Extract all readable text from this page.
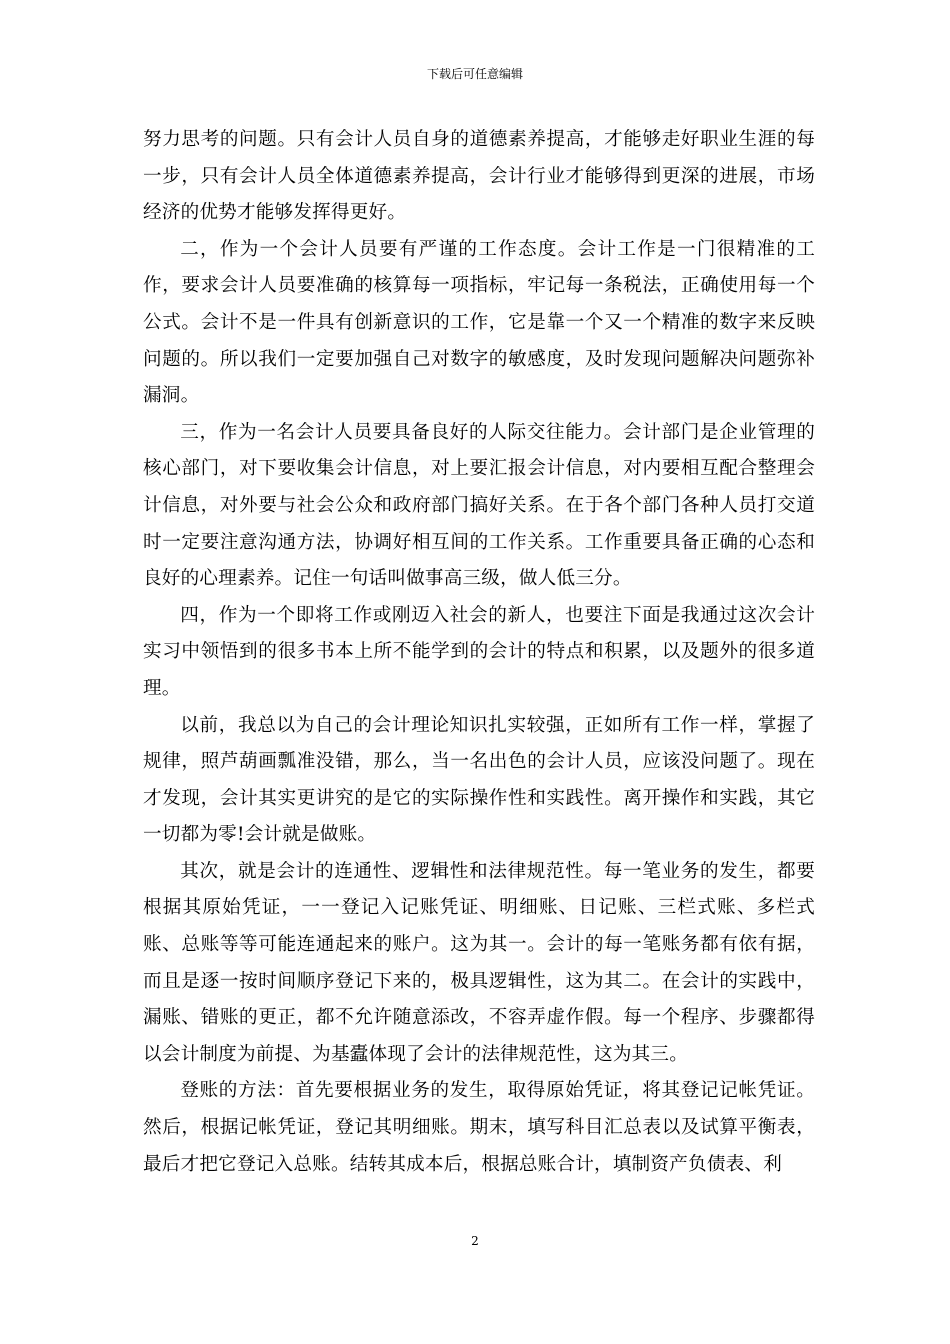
下载后可任意编辑

努力思考的问题。只有会计人员自身的道德素养提高，才能够走好职业生涯的每一步，只有会计人员全体道德素养提高，会计行业才能够得到更深的进展，市场经济的优势才能够发挥得更好。

二，作为一个会计人员要有严谨的工作态度。会计工作是一门很精准的工作，要求会计人员要准确的核算每一项指标，牢记每一条税法，正确使用每一个公式。会计不是一件具有创新意识的工作，它是靠一个又一个精准的数字来反映问题的。所以我们一定要加强自己对数字的敏感度，及时发现问题解决问题弥补漏洞。

三，作为一名会计人员要具备良好的人际交往能力。会计部门是企业管理的核心部门，对下要收集会计信息，对上要汇报会计信息，对内要相互配合整理会计信息，对外要与社会公众和政府部门搞好关系。在于各个部门各种人员打交道时一定要注意沟通方法，协调好相互间的工作关系。工作重要具备正确的心态和良好的心理素养。记住一句话叫做事高三级，做人低三分。

四，作为一个即将工作或刚迈入社会的新人，也要注下面是我通过这次会计实习中领悟到的很多书本上所不能学到的会计的特点和积累，以及题外的很多道理。

以前，我总以为自己的会计理论知识扎实较强，正如所有工作一样，掌握了规律，照芦葫画瓢准没错，那么，当一名出色的会计人员，应该没问题了。现在才发现，会计其实更讲究的是它的实际操作性和实践性。离开操作和实践，其它一切都为零!会计就是做账。

其次，就是会计的连通性、逻辑性和法律规范性。每一笔业务的发生，都要根据其原始凭证，一一登记入记账凭证、明细账、日记账、三栏式账、多栏式账、总账等等可能连通起来的账户。这为其一。会计的每一笔账务都有依有据，而且是逐一按时间顺序登记下来的，极具逻辑性，这为其二。在会计的实践中，漏账、错账的更正，都不允许随意添改，不容弄虚作假。每一个程序、步骤都得以会计制度为前提、为基蠹体现了会计的法律规范性，这为其三。

登账的方法：首先要根据业务的发生，取得原始凭证，将其登记记帐凭证。然后，根据记帐凭证，登记其明细账。期末，填写科目汇总表以及试算平衡表，最后才把它登记入总账。结转其成本后，根据总账合计，填制资产负债表、利

2
